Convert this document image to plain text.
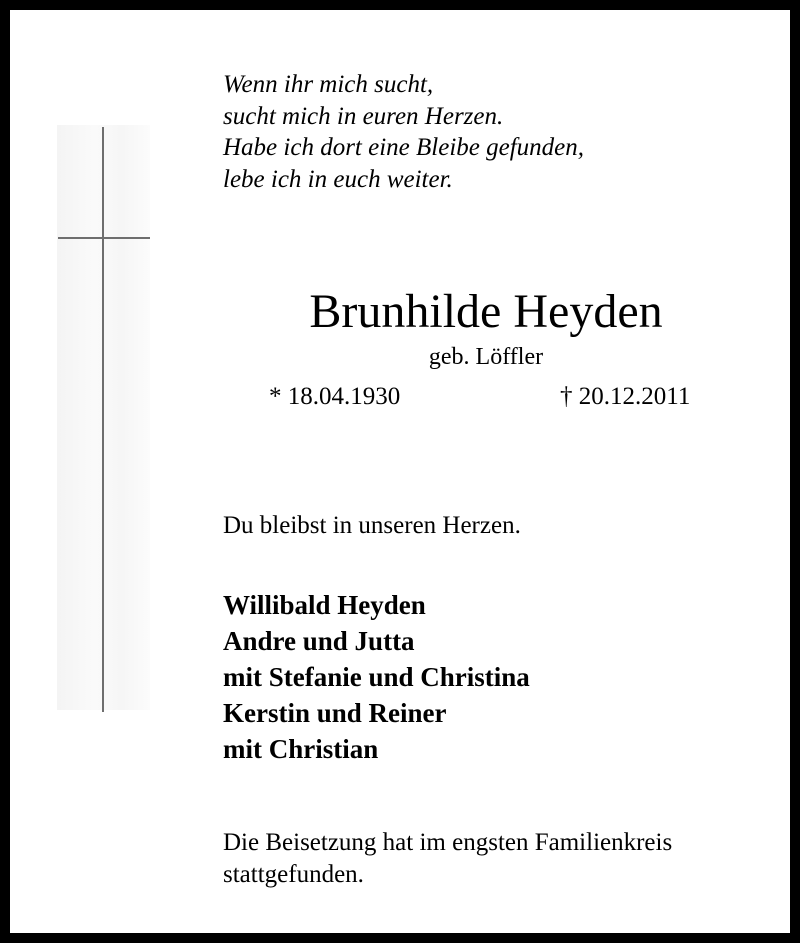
Wenn ihr mich sucht,
sucht mich in euren Herzen.
Habe ich dort eine Bleibe gefunden,
lebe ich in euch weiter.
Brunhilde Heyden
geb. Löffler
* 18.04.1930	† 20.12.2011
Du bleibst in unseren Herzen.
Willibald Heyden
Andre und Jutta
mit Stefanie und Christina
Kerstin und Reiner
mit Christian
Die Beisetzung hat im engsten Familienkreis
stattgefunden.
